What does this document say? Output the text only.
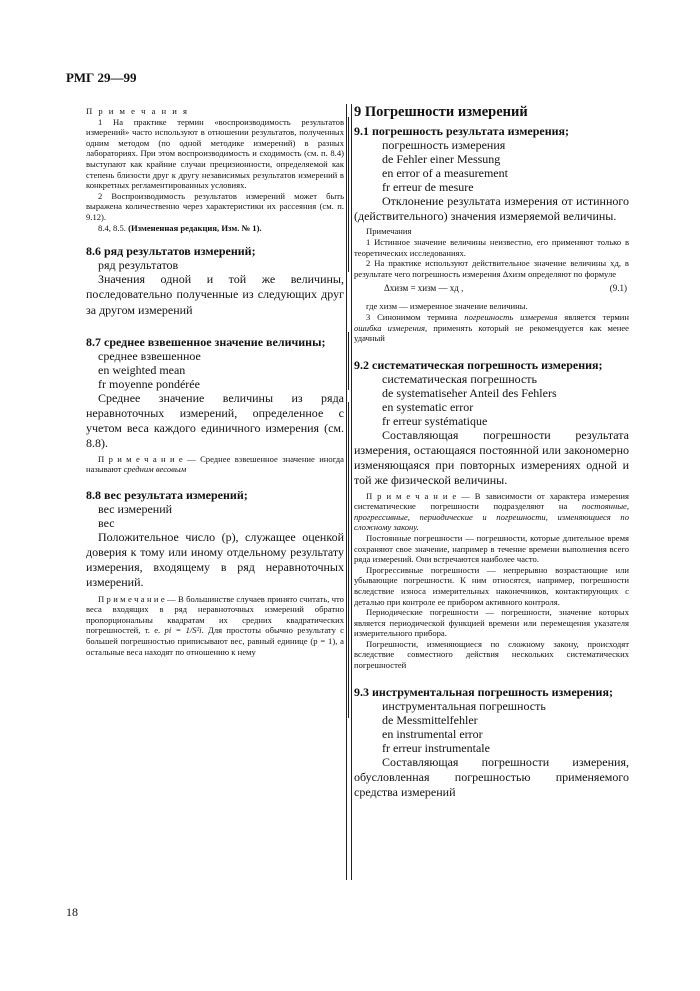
РМГ 29—99

П р и м е ч а н и я

1 На практике термин «воспроизводимость результатов измерений» часто используют в отношении результатов, полученных одним методом (по одной методике измерений) в разных лабораториях. При этом воспроизводимость и сходимость (см. п. 8.4) выступают как крайние случаи прецизионности, определяемой как степень близости друг к другу независимых результатов измерений в конкретных регламентированных условиях.

2 Воспроизводимость результатов измерений может быть выражена количественно через характеристики их рассеяния (см. п. 9.12).

8.4, 8.5. (Измененная редакция, Изм. № 1).

8.6 ряд результатов измерений;

ряд результатов

Значения одной и той же величины, последовательно полученные из следующих друг за другом измерений

8.7 среднее взвешенное значение величины;

среднее взвешенное

en weighted mean

fr moyenne pondérée

Среднее значение величины из ряда неравноточных измерений, определенное с учетом веса каждого единичного измерения (см. 8.8).

П р и м е ч а н и е — Среднее взвешенное значение иногда называют средним весовым

8.8 вес результата измерений;

вес измерений

вес

Положительное число (p), служащее оценкой доверия к тому или иному отдельному результату измерения, входящему в ряд неравноточных измерений.

П р и м е ч а н и е — В большинстве случаев принято считать, что веса входящих в ряд неравноточных измерений обратно пропорциональны квадратам их средних квадратических погрешностей, т. е. pi = 1/S²i. Для простоты обычно результату с большей погрешностью приписывают вес, равный единице (p = 1), а остальные веса находят по отношению к нему

9 Погрешности измерений

9.1 погрешность результата измерения;

погрешность измерения

de Fehler einer Messung

en error of a measurement

fr erreur de mesure

Отклонение результата измерения от истинного (действительного) значения измеряемой величины.

Примечания

1 Истинное значение величины неизвестно, его применяют только в теоретических исследованиях.

2 На практике используют действительное значение величины xд, в результате чего погрешность измерения Δxизм определяют по формуле

Δxизм = xизм — xд ,	(9.1)

где xизм — измеренное значение величины.

3 Синонимом термина погрешность измерения является термин ошибка измерения, применять который не рекомендуется как менее удачный

9.2 систематическая погрешность измерения;

систематическая погрешность

de systematiseher Anteil des Fehlers

en systematic error

fr erreur systématique

Составляющая погрешности результата измерения, остающаяся постоянной или закономерно изменяющаяся при повторных измерениях одной и той же физической величины.

П р и м е ч а н и е — В зависимости от характера измерения систематические погрешности подразделяют на постоянные, прогрессивные, периодические и погрешности, изменяющиеся по сложному закону.

Постоянные погрешности — погрешности, которые длительное время сохраняют свое значение, например в течение времени выполнения всего ряда измерений. Они встречаются наиболее часто.

Прогрессивные погрешности — непрерывно возрастающие или убывающие погрешности. К ним относятся, например, погрешности вследствие износа измерительных наконечников, контактирующих с деталью при контроле ее прибором активного контроля.

Периодические погрешности — погрешности, значение которых является периодической функцией времени или перемещения указателя измерительного прибора.

Погрешности, изменяющиеся по сложному закону, происходят вследствие совместного действия нескольких систематических погрешностей

9.3 инструментальная погрешность измерения;

инструментальная погрешность

de Messmittelfehler

en instrumental error

fr erreur instrumentale

Составляющая погрешности измерения, обусловленная погрешностью применяемого средства измерений

18
